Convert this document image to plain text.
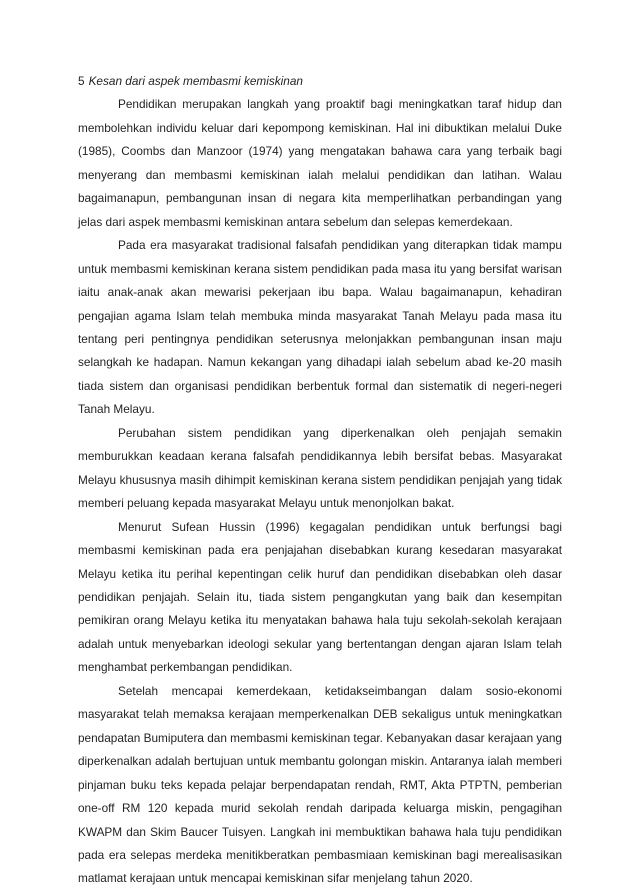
5 Kesan dari aspek membasmi kemiskinan

Pendidikan merupakan langkah yang proaktif bagi meningkatkan taraf hidup dan membolehkan individu keluar dari kepompong kemiskinan. Hal ini dibuktikan melalui Duke (1985), Coombs dan Manzoor (1974) yang mengatakan bahawa cara yang terbaik bagi menyerang dan membasmi kemiskinan ialah melalui pendidikan dan latihan. Walau bagaimanapun, pembangunan insan di negara kita memperlihatkan perbandingan yang jelas dari aspek membasmi kemiskinan antara sebelum dan selepas kemerdekaan.

Pada era masyarakat tradisional falsafah pendidikan yang diterapkan tidak mampu untuk membasmi kemiskinan kerana sistem pendidikan pada masa itu yang bersifat warisan iaitu anak-anak akan mewarisi pekerjaan ibu bapa. Walau bagaimanapun, kehadiran pengajian agama Islam telah membuka minda masyarakat Tanah Melayu pada masa itu tentang peri pentingnya pendidikan seterusnya melonjakkan pembangunan insan maju selangkah ke hadapan. Namun kekangan yang dihadapi ialah sebelum abad ke-20 masih tiada sistem dan organisasi pendidikan berbentuk formal dan sistematik di negeri-negeri Tanah Melayu.

Perubahan sistem pendidikan yang diperkenalkan oleh penjajah semakin memburukkan keadaan kerana falsafah pendidikannya lebih bersifat bebas. Masyarakat Melayu khususnya masih dihimpit kemiskinan kerana sistem pendidikan penjajah yang tidak memberi peluang kepada masyarakat Melayu untuk menonjolkan bakat.

Menurut Sufean Hussin (1996) kegagalan pendidikan untuk berfungsi bagi membasmi kemiskinan pada era penjajahan disebabkan kurang kesedaran masyarakat Melayu ketika itu perihal kepentingan celik huruf dan pendidikan disebabkan oleh dasar pendidikan penjajah. Selain itu, tiada sistem pengangkutan yang baik dan kesempitan pemikiran orang Melayu ketika itu menyatakan bahawa hala tuju sekolah-sekolah kerajaan adalah untuk menyebarkan ideologi sekular yang bertentangan dengan ajaran Islam telah menghambat perkembangan pendidikan.

Setelah mencapai kemerdekaan, ketidakseimbangan dalam sosio-ekonomi masyarakat telah memaksa kerajaan memperkenalkan DEB sekaligus untuk meningkatkan pendapatan Bumiputera dan membasmi kemiskinan tegar. Kebanyakan dasar kerajaan yang diperkenalkan adalah bertujuan untuk membantu golongan miskin. Antaranya ialah memberi pinjaman buku teks kepada pelajar berpendapatan rendah, RMT, Akta PTPTN, pemberian one-off RM 120 kepada murid sekolah rendah daripada keluarga miskin, pengagihan KWAPM dan Skim Baucer Tuisyen. Langkah ini membuktikan bahawa hala tuju pendidikan pada era selepas merdeka menitikberatkan pembasmiaan kemiskinan bagi merealisasikan matlamat kerajaan untuk mencapai kemiskinan sifar menjelang tahun 2020.
